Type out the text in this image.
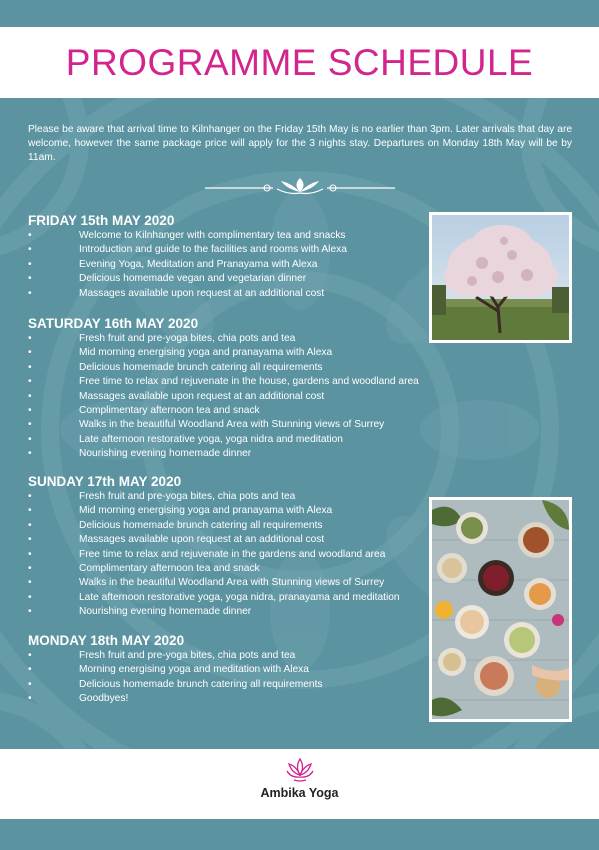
PROGRAMME SCHEDULE

Please be aware that arrival time to Kilnhanger on the Friday 15th May is no earlier than 3pm. Later arrivals that day are welcome, however the same package price will apply for the 3 nights stay. Departures on Monday 18th May will be by 11am.

FRIDAY 15th MAY 2020
•	Welcome to Kilnhanger with complimentary tea and snacks
•	Introduction and guide to the facilities and rooms with Alexa
•	Evening Yoga, Meditation and Pranayama with Alexa
•	Delicious homemade vegan and vegetarian dinner
•	Massages available upon request at an additional cost
SATURDAY 16th MAY 2020
•	Fresh fruit and pre-yoga bites, chia pots and tea
•	Mid morning energising yoga and pranayama with Alexa
•	Delicious homemade brunch catering all requirements
•	Free time to relax and rejuvenate in the house, gardens and woodland area
•	Massages available upon request at an additional cost
•	Complimentary afternoon tea and snack
•	Walks in the beautiful Woodland Area with Stunning views of Surrey
•	Late afternoon restorative yoga, yoga nidra and meditation
•	Nourishing evening homemade dinner
SUNDAY 17th MAY 2020
•	Fresh fruit and pre-yoga bites, chia pots and tea
•	Mid morning energising yoga and pranayama with Alexa
•	Delicious homemade brunch catering all requirements
•	Massages available upon request at an additional cost
•	Free time to relax and rejuvenate in the gardens and woodland area
•	Complimentary afternoon tea and snack
•	Walks in the beautiful Woodland Area with Stunning views of Surrey
•	Late afternoon restorative yoga, yoga nidra, pranayama and meditation
•	Nourishing evening homemade dinner
MONDAY 18th MAY 2020
•	Fresh fruit and pre-yoga bites, chia pots and tea
•	Morning energising yoga and meditation with Alexa
•	Delicious homemade brunch catering all requirements
•	Goodbyes!
Ambika Yoga
